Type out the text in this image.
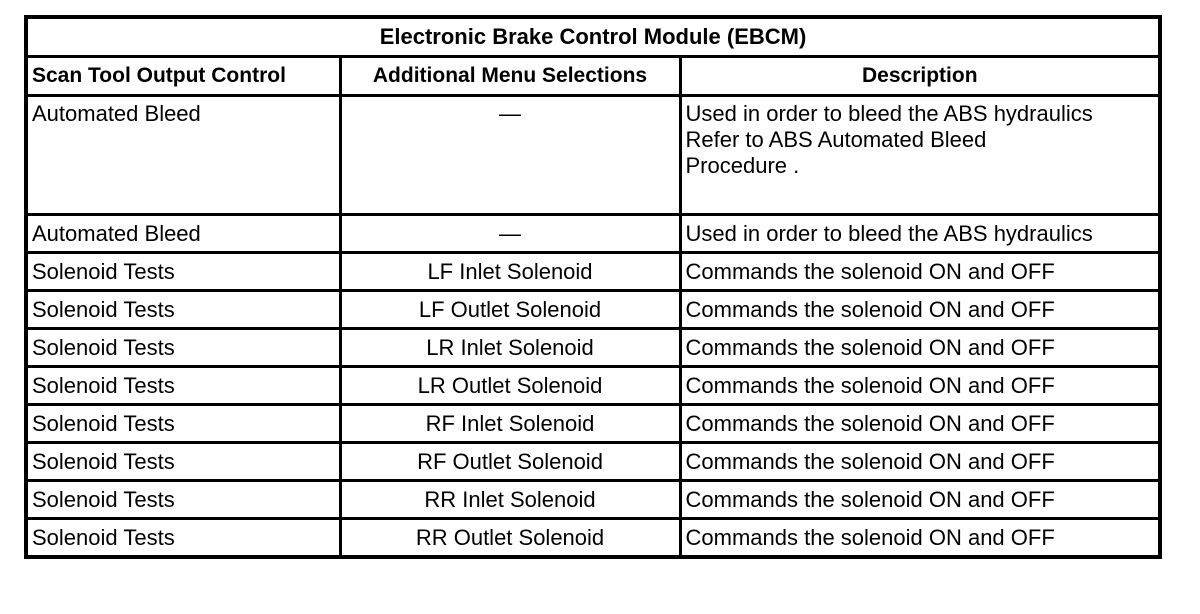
Electronic Brake Control Module (EBCM)		
Scan Tool Output Control	Additional Menu Selections	Description
Automated Bleed	—	Used in order to bleed the ABS hydraulics
Refer to ABS Automated Bleed
Procedure .

Automated Bleed	—	Used in order to bleed the ABS hydraulics
Solenoid Tests	LF Inlet Solenoid	Commands the solenoid ON and OFF
Solenoid Tests	LF Outlet Solenoid	Commands the solenoid ON and OFF
Solenoid Tests	LR Inlet Solenoid	Commands the solenoid ON and OFF
Solenoid Tests	LR Outlet Solenoid	Commands the solenoid ON and OFF
Solenoid Tests	RF Inlet Solenoid	Commands the solenoid ON and OFF
Solenoid Tests	RF Outlet Solenoid	Commands the solenoid ON and OFF
Solenoid Tests	RR Inlet Solenoid	Commands the solenoid ON and OFF
Solenoid Tests	RR Outlet Solenoid	Commands the solenoid ON and OFF
